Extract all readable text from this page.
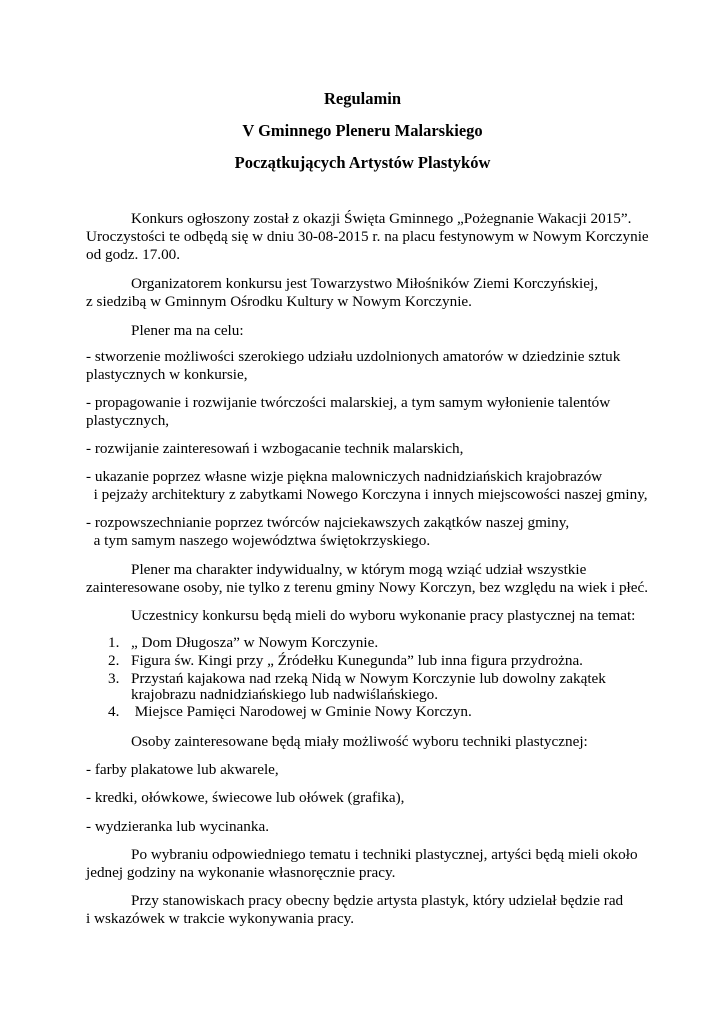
Regulamin

V Gminnego Pleneru Malarskiego

Początkujących Artystów Plastyków

Konkurs ogłoszony został z okazji Święta Gminnego „Pożegnanie Wakacji 2015”.

Uroczystości te odbędą się w dniu 30-08-2015 r. na placu festynowym w Nowym Korczynie

od godz. 17.00.

Organizatorem konkursu jest Towarzystwo Miłośników Ziemi Korczyńskiej,

z siedzibą w Gminnym Ośrodku Kultury w Nowym Korczynie.

Plener ma na celu:

- stworzenie możliwości szerokiego udziału uzdolnionych amatorów w dziedzinie sztuk

plastycznych w konkursie,

- propagowanie i rozwijanie twórczości malarskiej, a tym samym wyłonienie talentów

plastycznych,

- rozwijanie zainteresowań i wzbogacanie technik malarskich,

- ukazanie poprzez własne wizje piękna malowniczych nadnidziańskich krajobrazów

i pejzaży architektury z zabytkami Nowego Korczyna i innych miejscowości naszej gminy,

- rozpowszechnianie poprzez twórców najciekawszych zakątków naszej gminy,

a tym samym naszego województwa świętokrzyskiego.

Plener ma charakter indywidualny, w którym mogą wziąć udział wszystkie

zainteresowane osoby, nie tylko z terenu gminy Nowy Korczyn, bez względu na wiek i płeć.

Uczestnicy konkursu będą mieli do wyboru wykonanie pracy plastycznej na temat:

1. „ Dom Długosza” w Nowym Korczynie.

2. Figura św. Kingi przy „ Źródełku Kunegunda” lub inna figura przydrożna.

3. Przystań kajakowa nad rzeką Nidą w Nowym Korczynie lub dowolny zakątek

krajobrazu nadnidziańskiego lub nadwiślańskiego.

4. Miejsce Pamięci Narodowej w Gminie Nowy Korczyn.

Osoby zainteresowane będą miały możliwość wyboru techniki plastycznej:

- farby plakatowe lub akwarele,

- kredki, ołówkowe, świecowe lub ołówek (grafika),

- wydzieranka lub wycinanka.

Po wybraniu odpowiedniego tematu i techniki plastycznej, artyści będą mieli około

jednej godziny na wykonanie własnoręcznie pracy.

Przy stanowiskach pracy obecny będzie artysta plastyk, który udzielał będzie rad

i wskazówek w trakcie wykonywania pracy.
